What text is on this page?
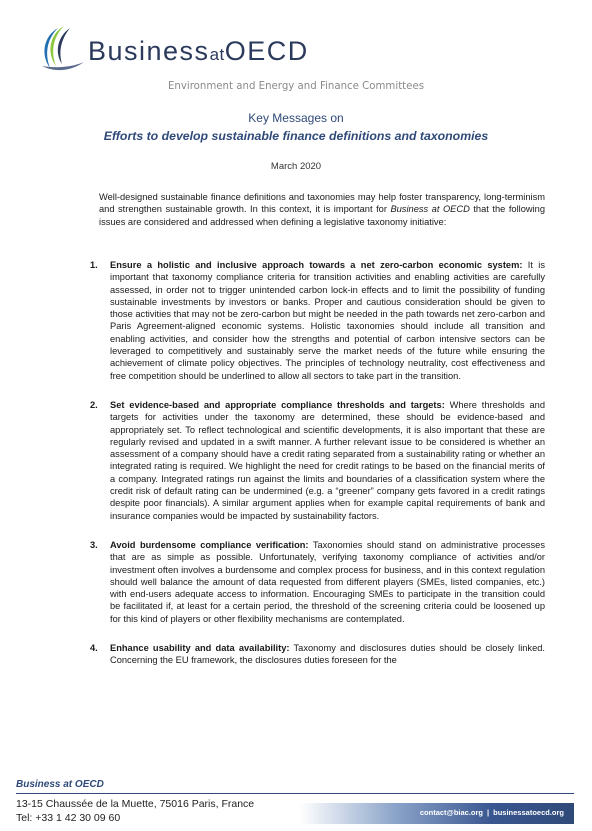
BusinessatOECD
Environment and Energy and Finance Committees
Key Messages on
Efforts to develop sustainable finance definitions and taxonomies
March 2020
Well-designed sustainable finance definitions and taxonomies may help foster transparency, long-terminism and strengthen sustainable growth. In this context, it is important for Business at OECD that the following issues are considered and addressed when defining a legislative taxonomy initiative:
1. Ensure a holistic and inclusive approach towards a net zero-carbon economic system: It is important that taxonomy compliance criteria for transition activities and enabling activities are carefully assessed, in order not to trigger unintended carbon lock-in effects and to limit the possibility of funding sustainable investments by investors or banks. Proper and cautious consideration should be given to those activities that may not be zero-carbon but might be needed in the path towards net zero-carbon and Paris Agreement-aligned economic systems. Holistic taxonomies should include all transition and enabling activities, and consider how the strengths and potential of carbon intensive sectors can be leveraged to competitively and sustainably serve the market needs of the future while ensuring the achievement of climate policy objectives. The principles of technology neutrality, cost effectiveness and free competition should be underlined to allow all sectors to take part in the transition.
2. Set evidence-based and appropriate compliance thresholds and targets: Where thresholds and targets for activities under the taxonomy are determined, these should be evidence-based and appropriately set. To reflect technological and scientific developments, it is also important that these are regularly revised and updated in a swift manner. A further relevant issue to be considered is whether an assessment of a company should have a credit rating separated from a sustainability rating or whether an integrated rating is required. We highlight the need for credit ratings to be based on the financial merits of a company. Integrated ratings run against the limits and boundaries of a classification system where the credit risk of default rating can be undermined (e.g. a “greener” company gets favored in a credit ratings despite poor financials). A similar argument applies when for example capital requirements of bank and insurance companies would be impacted by sustainability factors.
3. Avoid burdensome compliance verification: Taxonomies should stand on administrative processes that are as simple as possible. Unfortunately, verifying taxonomy compliance of activities and/or investment often involves a burdensome and complex process for business, and in this context regulation should well balance the amount of data requested from different players (SMEs, listed companies, etc.) with end-users adequate access to information. Encouraging SMEs to participate in the transition could be facilitated if, at least for a certain period, the threshold of the screening criteria could be loosened up for this kind of players or other flexibility mechanisms are contemplated.
4. Enhance usability and data availability: Taxonomy and disclosures duties should be closely linked. Concerning the EU framework, the disclosures duties foreseen for the
Business at OECD
13-15 Chaussée de la Muette, 75016 Paris, France
Tel: +33 1 42 30 09 60	contact@biac.org | businessatoecd.org
